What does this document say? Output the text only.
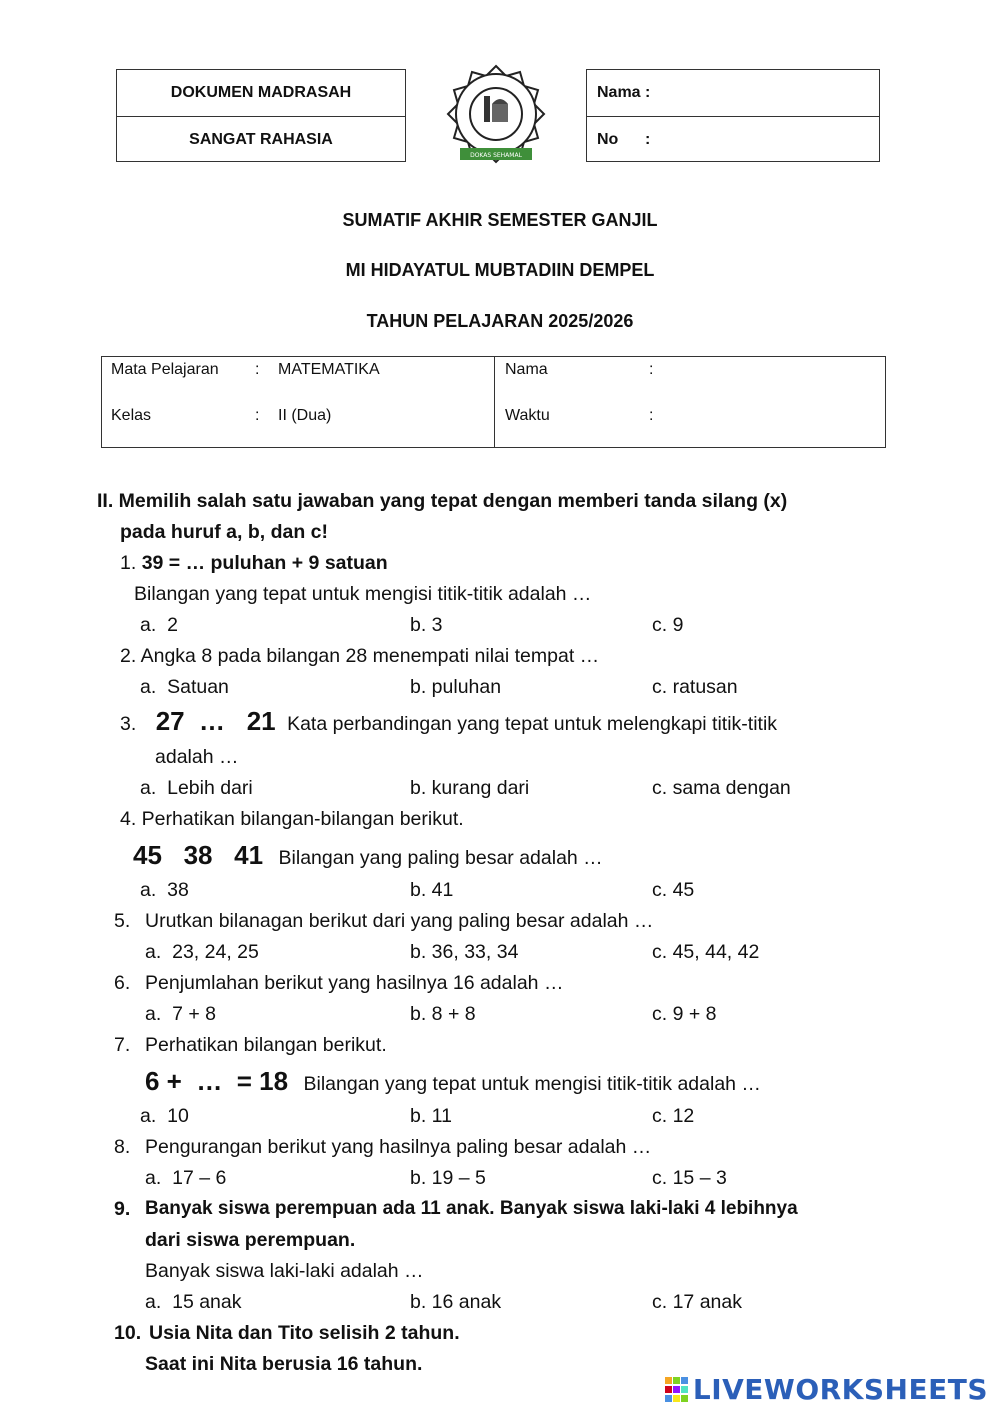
DOKUMEN MADRASAH
SANGAT RAHASIA
DOKAS SEHAMAL
Nama :
No      :
SUMATIF AKHIR SEMESTER GANJIL
MI HIDAYATUL MUBTADIIN DEMPEL
TAHUN PELAJARAN 2025/2026
Mata Pelajaran : MATEMATIKA
Kelas	: II (Dua)
Nama	:
Waktu	:
II. Memilih salah satu jawaban yang tepat dengan memberi tanda silang (x)
pada huruf a, b, dan c!
1. 39 = … puluhan + 9 satuan
Bilangan yang tepat untuk mengisi titik-titik adalah …
a.  2	b. 3	c. 9
2. Angka 8 pada bilangan 28 menempati nilai tempat …
a.  Satuan	b. puluhan	c. ratusan
3. 27  …   21 Kata perbandingan yang tepat untuk melengkapi titik-titik
adalah …
a.  Lebih dari	b. kurang dari	c. sama dengan
4. Perhatikan bilangan-bilangan berikut.
45   38   41 Bilangan yang paling besar adalah …
a.  38	b. 41	c. 45
5. Urutkan bilanagan berikut dari yang paling besar adalah …
a.  23, 24, 25	b. 36, 33, 34	c. 45, 44, 42
6. Penjumlahan berikut yang hasilnya 16 adalah …
a.  7 + 8	b. 8 + 8	c. 9 + 8
7. Perhatikan bilangan berikut.
6 +  …  = 18 Bilangan yang tepat untuk mengisi titik-titik adalah …
a.  10	b. 11	c. 12
8. Pengurangan berikut yang hasilnya paling besar adalah …
a.  17 – 6	b. 19 – 5	c. 15 – 3
9. Banyak siswa perempuan ada 11 anak. Banyak siswa laki-laki 4 lebihnya
dari siswa perempuan.
Banyak siswa laki-laki adalah …
a.  15 anak	b. 16 anak	c. 17 anak
10. Usia Nita dan Tito selisih 2 tahun.
Saat ini Nita berusia 16 tahun.
LIVEWORKSHEETS
